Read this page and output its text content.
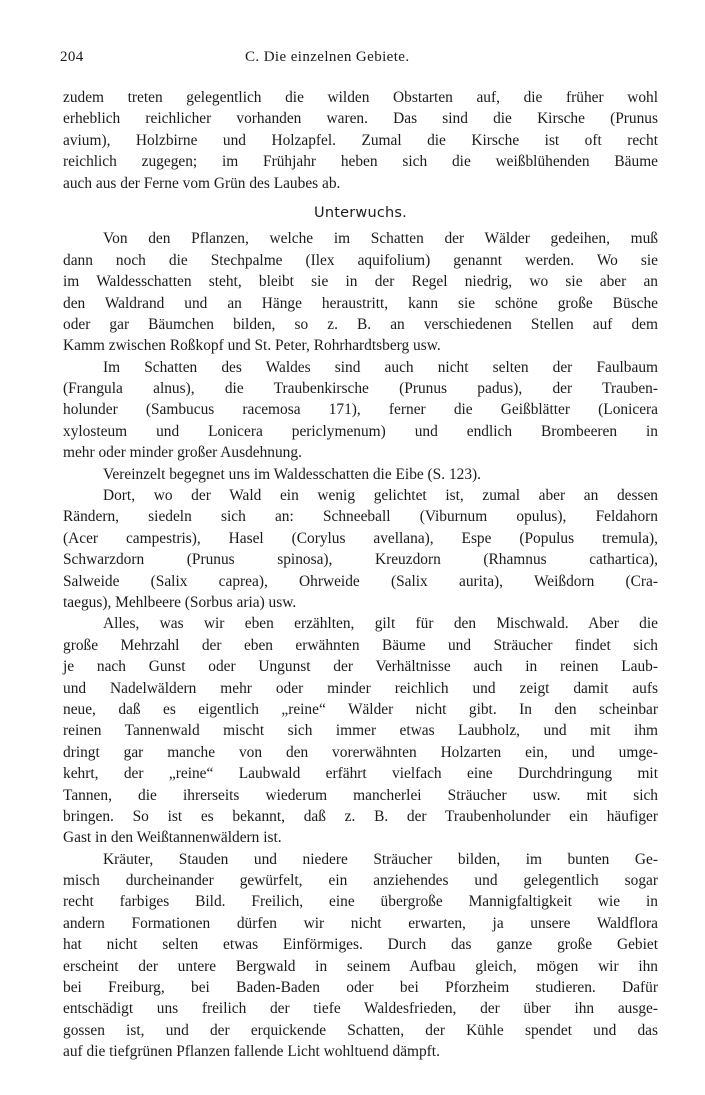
204	C. Die einzelnen Gebiete.
zudem treten gelegentlich die wilden Obstarten auf, die früher wohl
erheblich reichlicher vorhanden waren. Das sind die Kirsche (Prunus
avium), Holzbirne und Holzapfel. Zumal die Kirsche ist oft recht
reichlich zugegen; im Frühjahr heben sich die weißblühenden Bäume
auch aus der Ferne vom Grün des Laubes ab.
Unterwuchs.
Von den Pflanzen, welche im Schatten der Wälder gedeihen, muß
dann noch die Stechpalme (Ilex aquifolium) genannt werden. Wo sie
im Waldesschatten steht, bleibt sie in der Regel niedrig, wo sie aber an
den Waldrand und an Hänge heraustritt, kann sie schöne große Büsche
oder gar Bäumchen bilden, so z. B. an verschiedenen Stellen auf dem
Kamm zwischen Roßkopf und St. Peter, Rohrhardtsberg usw.
Im Schatten des Waldes sind auch nicht selten der Faulbaum
(Frangula alnus), die Traubenkirsche (Prunus padus), der Trauben-
holunder (Sambucus racemosa 171), ferner die Geißblätter (Lonicera
xylosteum und Lonicera periclymenum) und endlich Brombeeren in
mehr oder minder großer Ausdehnung.
Vereinzelt begegnet uns im Waldesschatten die Eibe (S. 123).
Dort, wo der Wald ein wenig gelichtet ist, zumal aber an dessen
Rändern, siedeln sich an: Schneeball (Viburnum opulus), Feldahorn
(Acer campestris), Hasel (Corylus avellana), Espe (Populus tremula),
Schwarzdorn (Prunus spinosa), Kreuzdorn (Rhamnus cathartica),
Salweide (Salix caprea), Ohrweide (Salix aurita), Weißdorn (Cra-
taegus), Mehlbeere (Sorbus aria) usw.
Alles, was wir eben erzählten, gilt für den Mischwald. Aber die
große Mehrzahl der eben erwähnten Bäume und Sträucher findet sich
je nach Gunst oder Ungunst der Verhältnisse auch in reinen Laub-
und Nadelwäldern mehr oder minder reichlich und zeigt damit aufs
neue, daß es eigentlich „reine“ Wälder nicht gibt. In den scheinbar
reinen Tannenwald mischt sich immer etwas Laubholz, und mit ihm
dringt gar manche von den vorerwähnten Holzarten ein, und umge-
kehrt, der „reine“ Laubwald erfährt vielfach eine Durchdringung mit
Tannen, die ihrerseits wiederum mancherlei Sträucher usw. mit sich
bringen. So ist es bekannt, daß z. B. der Traubenholunder ein häufiger
Gast in den Weißtannenwäldern ist.
Kräuter, Stauden und niedere Sträucher bilden, im bunten Ge-
misch durcheinander gewürfelt, ein anziehendes und gelegentlich sogar
recht farbiges Bild. Freilich, eine übergroße Mannigfaltigkeit wie in
andern Formationen dürfen wir nicht erwarten, ja unsere Waldflora
hat nicht selten etwas Einförmiges. Durch das ganze große Gebiet
erscheint der untere Bergwald in seinem Aufbau gleich, mögen wir ihn
bei Freiburg, bei Baden-Baden oder bei Pforzheim studieren. Dafür
entschädigt uns freilich der tiefe Waldesfrieden, der über ihn ausge-
gossen ist, und der erquickende Schatten, der Kühle spendet und das
auf die tiefgrünen Pflanzen fallende Licht wohltuend dämpft.
